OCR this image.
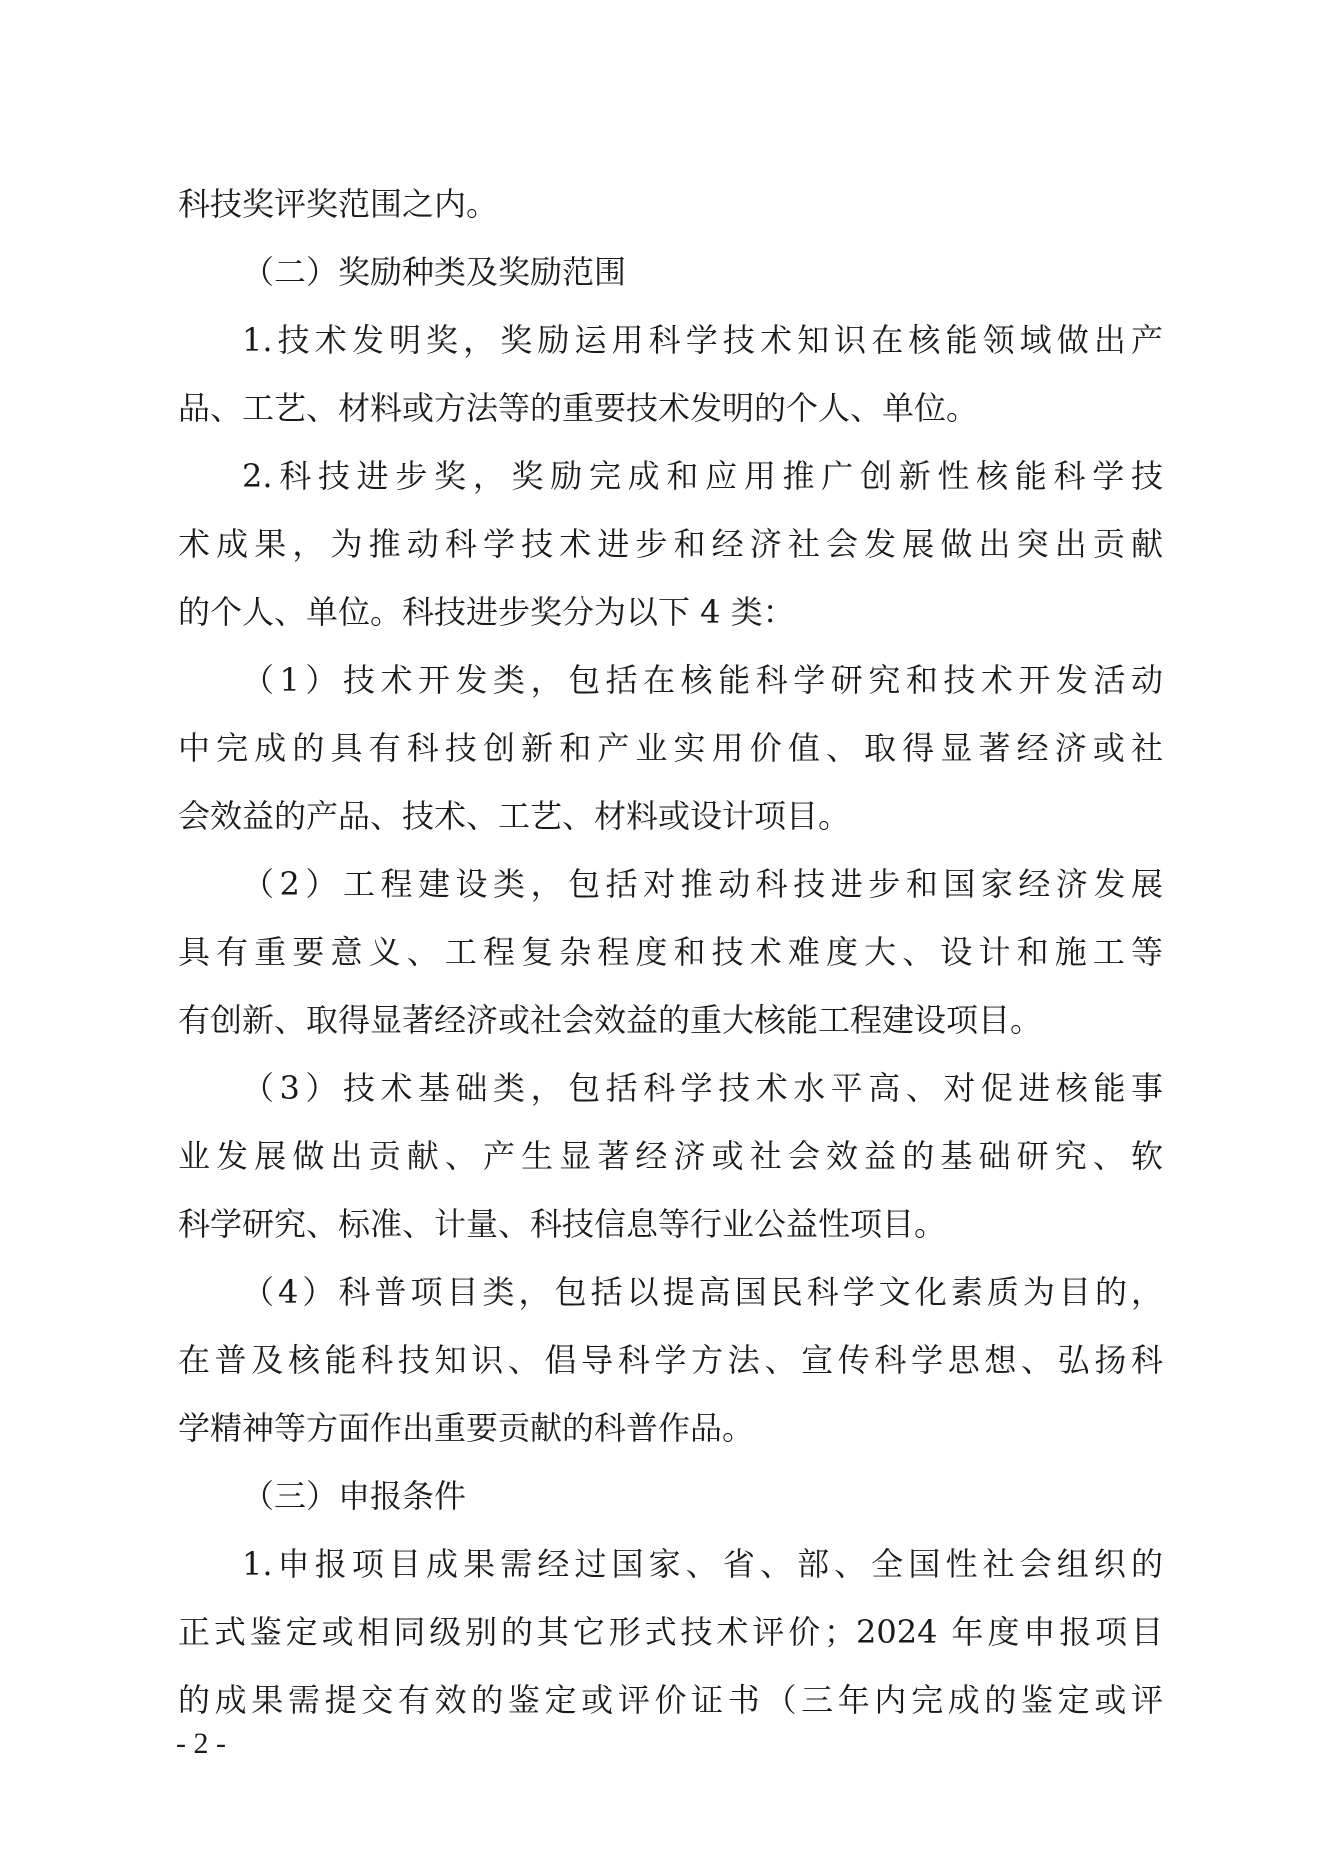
科技奖评奖范围之内。
（二）奖励种类及奖励范围
1.技术发明奖，奖励运用科学技术知识在核能领域做出产
品、工艺、材料或方法等的重要技术发明的个人、单位。
2.科技进步奖，奖励完成和应用推广创新性核能科学技
术成果，为推动科学技术进步和经济社会发展做出突出贡献
的个人、单位。科技进步奖分为以下 4 类：
（1）技术开发类，包括在核能科学研究和技术开发活动
中完成的具有科技创新和产业实用价值、取得显著经济或社
会效益的产品、技术、工艺、材料或设计项目。
（2）工程建设类，包括对推动科技进步和国家经济发展
具有重要意义、工程复杂程度和技术难度大、设计和施工等
有创新、取得显著经济或社会效益的重大核能工程建设项目。
（3）技术基础类，包括科学技术水平高、对促进核能事
业发展做出贡献、产生显著经济或社会效益的基础研究、软
科学研究、标准、计量、科技信息等行业公益性项目。
（4）科普项目类，包括以提高国民科学文化素质为目的，
在普及核能科技知识、倡导科学方法、宣传科学思想、弘扬科
学精神等方面作出重要贡献的科普作品。
（三）申报条件
1.申报项目成果需经过国家、省、部、全国性社会组织的
正式鉴定或相同级别的其它形式技术评价；2024 年度申报项目
的成果需提交有效的鉴定或评价证书（三年内完成的鉴定或评
- 2 -
